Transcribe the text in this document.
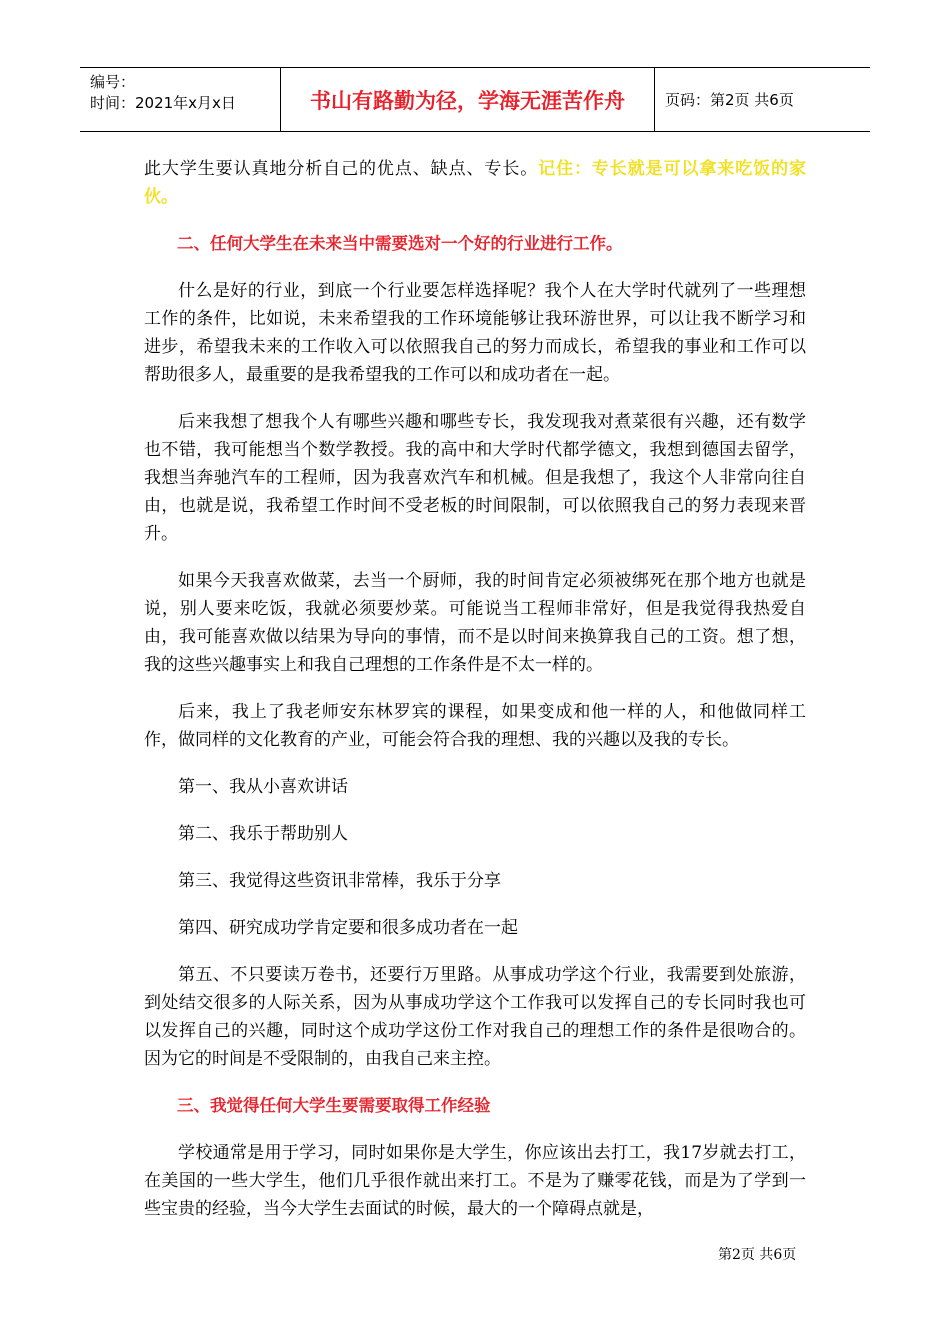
编号：
时间：2021年x月x日	书山有路勤为径，学海无涯苦作舟	页码：第2页 共6页

此大学生要认真地分析自己的优点、缺点、专长。记住：专长就是可以拿来吃饭的家伙。

二、任何大学生在未来当中需要选对一个好的行业进行工作。

什么是好的行业，到底一个行业要怎样选择呢？我个人在大学时代就列了一些理想工作的条件，比如说，未来希望我的工作环境能够让我环游世界，可以让我不断学习和进步，希望我未来的工作收入可以依照我自己的努力而成长，希望我的事业和工作可以帮助很多人，最重要的是我希望我的工作可以和成功者在一起。

后来我想了想我个人有哪些兴趣和哪些专长，我发现我对煮菜很有兴趣，还有数学也不错，我可能想当个数学教授。我的高中和大学时代都学德文，我想到德国去留学，我想当奔驰汽车的工程师，因为我喜欢汽车和机械。但是我想了，我这个人非常向往自由，也就是说，我希望工作时间不受老板的时间限制，可以依照我自己的努力表现来晋升。

如果今天我喜欢做菜，去当一个厨师，我的时间肯定必须被绑死在那个地方也就是说，别人要来吃饭，我就必须要炒菜。可能说当工程师非常好，但是我觉得我热爱自由，我可能喜欢做以结果为导向的事情，而不是以时间来换算我自己的工资。想了想，我的这些兴趣事实上和我自己理想的工作条件是不太一样的。

后来，我上了我老师安东林罗宾的课程，如果变成和他一样的人，和他做同样工作，做同样的文化教育的产业，可能会符合我的理想、我的兴趣以及我的专长。

第一、我从小喜欢讲话

第二、我乐于帮助别人

第三、我觉得这些资讯非常棒，我乐于分享

第四、研究成功学肯定要和很多成功者在一起

第五、不只要读万卷书，还要行万里路。从事成功学这个行业，我需要到处旅游，到处结交很多的人际关系，因为从事成功学这个工作我可以发挥自己的专长同时我也可以发挥自己的兴趣，同时这个成功学这份工作对我自己的理想工作的条件是很吻合的。因为它的时间是不受限制的，由我自己来主控。

三、我觉得任何大学生要需要取得工作经验

学校通常是用于学习，同时如果你是大学生，你应该出去打工，我17岁就去打工，在美国的一些大学生，他们几乎很作就出来打工。不是为了赚零花钱，而是为了学到一些宝贵的经验，当今大学生去面试的时候，最大的一个障碍点就是，

第2页 共6页
